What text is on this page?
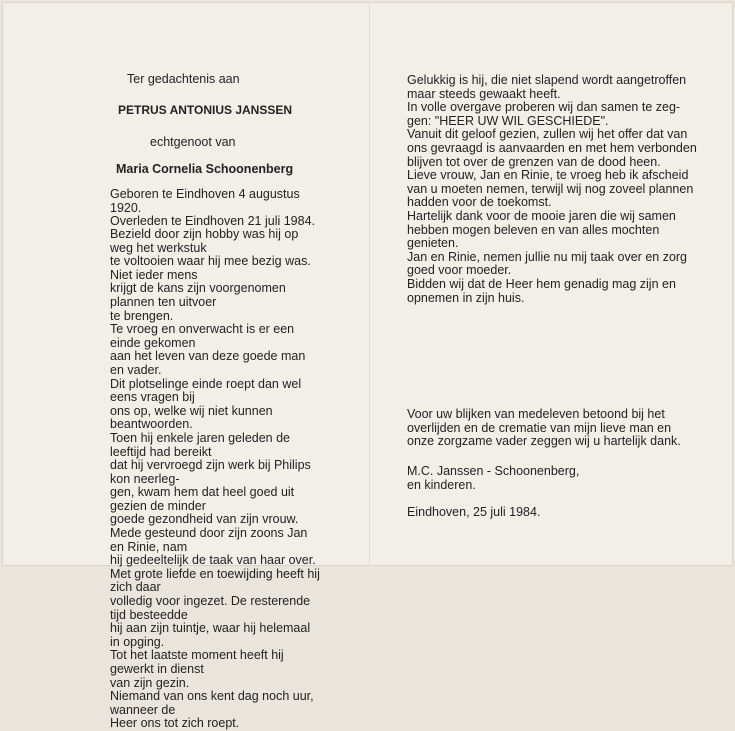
Ter gedachtenis aan
PETRUS ANTONIUS JANSSEN
echtgenoot van
Maria Cornelia Schoonenberg

Geboren te Eindhoven 4 augustus 1920.
Overleden te Eindhoven 21 juli 1984.

Bezield door zijn hobby was hij op weg het werkstuk
te voltooien waar hij mee bezig was. Niet ieder mens
krijgt de kans zijn voorgenomen plannen ten uitvoer
te brengen.
Te vroeg en onverwacht is er een einde gekomen
aan het leven van deze goede man en vader.
Dit plotselinge einde roept dan wel eens vragen bij
ons op, welke wij niet kunnen beantwoorden.
Toen hij enkele jaren geleden de leeftijd had bereikt
dat hij vervroegd zijn werk bij Philips kon neerleg-
gen, kwam hem dat heel goed uit gezien de minder
goede gezondheid van zijn vrouw.
Mede gesteund door zijn zoons Jan en Rinie, nam
hij gedeeltelijk de taak van haar over.
Met grote liefde en toewijding heeft hij zich daar
volledig voor ingezet. De resterende tijd besteedde
hij aan zijn tuintje, waar hij helemaal in opging.
Tot het laatste moment heeft hij gewerkt in dienst
van zijn gezin.
Niemand van ons kent dag noch uur, wanneer de
Heer ons tot zich roept.

Gelukkig is hij, die niet slapend wordt aangetroffen
maar steeds gewaakt heeft.
In volle overgave proberen wij dan samen te zeg-
gen: "HEER UW WIL GESCHIEDE".
Vanuit dit geloof gezien, zullen wij het offer dat van
ons gevraagd is aanvaarden en met hem verbonden
blijven tot over de grenzen van de dood heen.
Lieve vrouw, Jan en Rinie, te vroeg heb ik afscheid
van u moeten nemen, terwijl wij nog zoveel plannen
hadden voor de toekomst.
Hartelijk dank voor de mooie jaren die wij samen
hebben mogen beleven en van alles mochten
genieten.
Jan en Rinie, nemen jullie nu mij taak over en zorg
goed voor moeder.
Bidden wij dat de Heer hem genadig mag zijn en
opnemen in zijn huis.

Voor uw blijken van medeleven betoond bij het
overlijden en de crematie van mijn lieve man en
onze zorgzame vader zeggen wij u hartelijk dank.

M.C. Janssen - Schoonenberg,
en kinderen.

Eindhoven, 25 juli 1984.
